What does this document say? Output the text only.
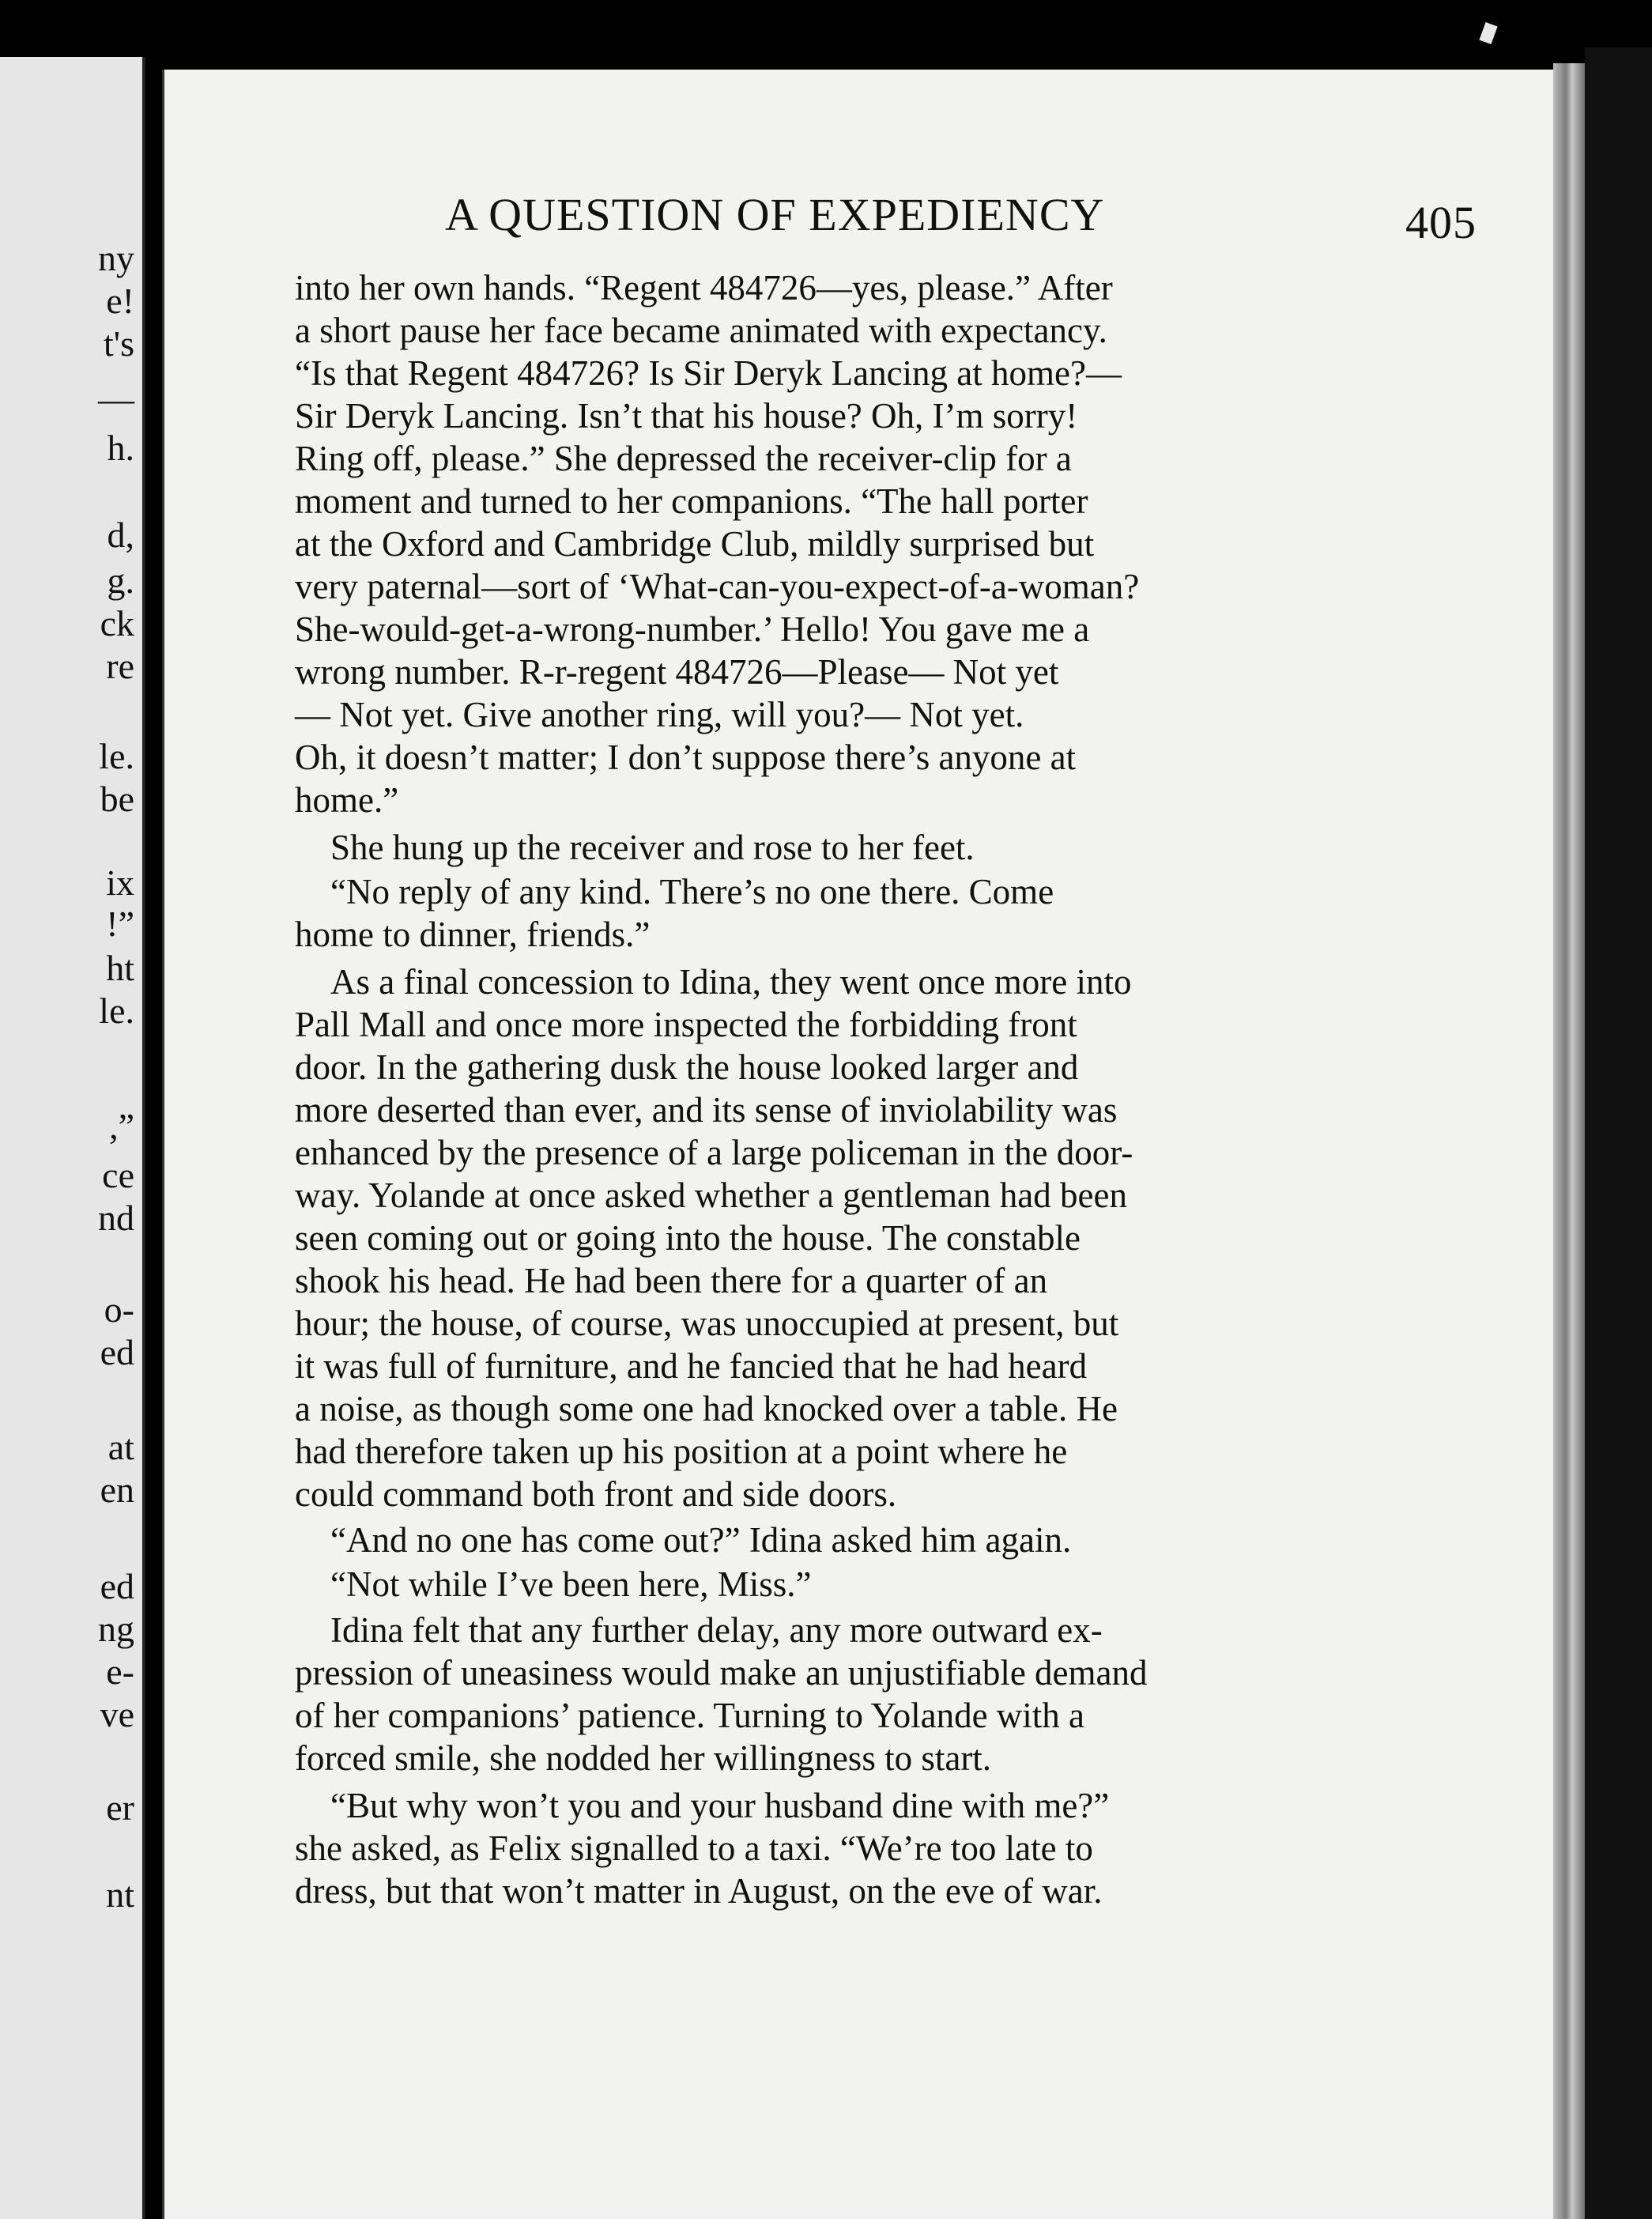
ny
e!
t's
—
h.
d,
g.
ck
re
le.
be
ix
!”
ht
le.
,”
ce
nd
o-
ed
at
en
ed
ng
e-
ve
er
nt
A QUESTION OF EXPEDIENCY	405
into her own hands. “Regent 484726—yes, please.” After
a short pause her face became animated with expectancy.
“Is that Regent 484726? Is Sir Deryk Lancing at home?—
Sir Deryk Lancing. Isn’t that his house? Oh, I’m sorry!
Ring off, please.” She depressed the receiver-clip for a
moment and turned to her companions. “The hall porter
at the Oxford and Cambridge Club, mildly surprised but
very paternal—sort of ‘What-can-you-expect-of-a-woman?
She-would-get-a-wrong-number.’ Hello! You gave me a
wrong number. R-r-regent 484726—Please— Not yet
— Not yet. Give another ring, will you?— Not yet.
Oh, it doesn’t matter; I don’t suppose there’s anyone at
home.”
She hung up the receiver and rose to her feet.
“No reply of any kind. There’s no one there. Come
home to dinner, friends.”
As a final concession to Idina, they went once more into
Pall Mall and once more inspected the forbidding front
door. In the gathering dusk the house looked larger and
more deserted than ever, and its sense of inviolability was
enhanced by the presence of a large policeman in the door-
way. Yolande at once asked whether a gentleman had been
seen coming out or going into the house. The constable
shook his head. He had been there for a quarter of an
hour; the house, of course, was unoccupied at present, but
it was full of furniture, and he fancied that he had heard
a noise, as though some one had knocked over a table. He
had therefore taken up his position at a point where he
could command both front and side doors.
“And no one has come out?” Idina asked him again.
“Not while I’ve been here, Miss.”
Idina felt that any further delay, any more outward ex-
pression of uneasiness would make an unjustifiable demand
of her companions’ patience. Turning to Yolande with a
forced smile, she nodded her willingness to start.
“But why won’t you and your husband dine with me?”
she asked, as Felix signalled to a taxi. “We’re too late to
dress, but that won’t matter in August, on the eve of war.
